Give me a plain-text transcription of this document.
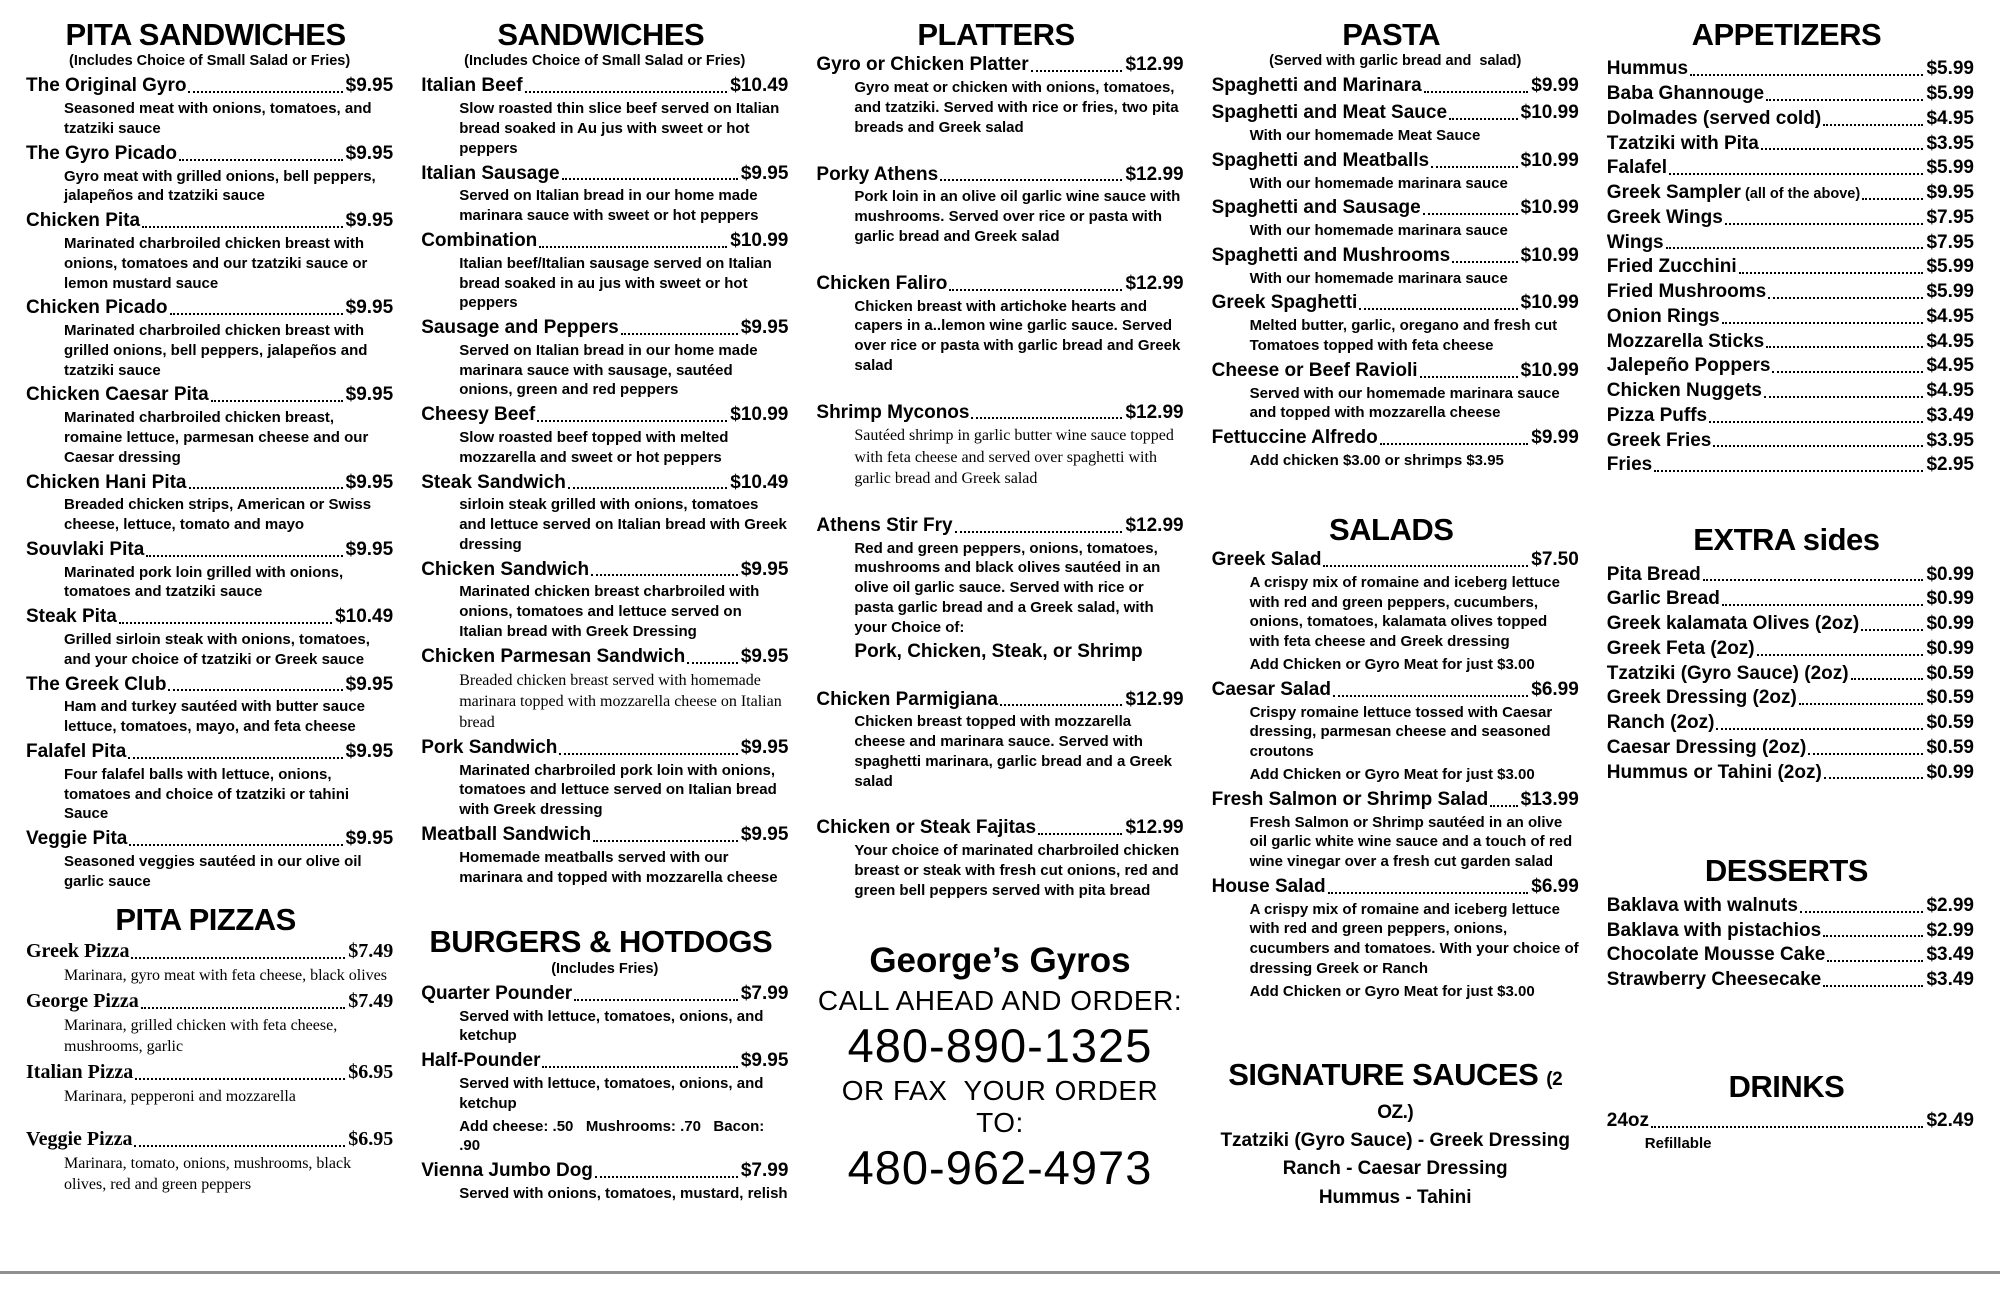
PITA SANDWICHES
(Includes Choice of Small Salad or Fries)
The Original Gyro	$9.95
Seasoned meat with onions, tomatoes, and tzatziki sauce
The Gyro Picado	$9.95
Gyro meat with grilled onions, bell peppers, jalapeños and tzatziki sauce
Chicken Pita	$9.95
Marinated charbroiled chicken breast with onions, tomatoes and our tzatziki sauce or lemon mustard sauce
Chicken Picado	$9.95
Marinated charbroiled chicken breast with grilled onions, bell peppers, jalapeños and tzatziki sauce
Chicken Caesar Pita	$9.95
Marinated charbroiled chicken breast, romaine lettuce, parmesan cheese and our Caesar dressing
Chicken Hani Pita	$9.95
Breaded chicken strips, American or Swiss cheese, lettuce, tomato and mayo
Souvlaki Pita	$9.95
Marinated pork loin grilled with onions, tomatoes and tzatziki sauce
Steak Pita	$10.49
Grilled sirloin steak with onions, tomatoes, and your choice of tzatziki or Greek sauce
The Greek Club	$9.95
Ham and turkey sautéed with butter sauce lettuce, tomatoes, mayo, and feta cheese
Falafel Pita	$9.95
Four falafel balls with lettuce, onions, tomatoes and choice of tzatziki or tahini Sauce
Veggie Pita	$9.95
Seasoned veggies sautéed in our olive oil garlic sauce
PITA PIZZAS
Greek Pizza	$7.49
Marinara, gyro meat with feta cheese, black olives
George Pizza	$7.49
Marinara, grilled chicken with feta cheese, mushrooms, garlic
Italian Pizza	$6.95
Marinara, pepperoni and mozzarella
Veggie Pizza	$6.95
Marinara, tomato, onions, mushrooms, black olives, red and green peppers
SANDWICHES
(Includes Choice of Small Salad or Fries)
Italian Beef	$10.49
Slow roasted thin slice beef served on Italian bread soaked in Au jus with sweet or hot peppers
Italian Sausage	$9.95
Served on Italian bread in our home made marinara sauce with sweet or hot peppers
Combination	$10.99
Italian beef/Italian sausage served on Italian bread soaked in au jus with sweet or hot peppers
Sausage and Peppers	$9.95
Served on Italian bread in our home made marinara sauce with sausage, sautéed onions, green and red peppers
Cheesy Beef	$10.99
Slow roasted beef topped with melted mozzarella and sweet or hot peppers
Steak Sandwich	$10.49
sirloin steak grilled with onions, tomatoes and lettuce served on Italian bread with Greek dressing
Chicken Sandwich	$9.95
Marinated chicken breast charbroiled with onions, tomatoes and lettuce served on Italian bread with Greek Dressing
Chicken Parmesan Sandwich	$9.95
Breaded chicken breast served with homemade marinara topped with mozzarella cheese on Italian bread
Pork Sandwich	$9.95
Marinated charbroiled pork loin with onions, tomatoes and lettuce served on Italian bread with Greek dressing
Meatball Sandwich	$9.95
Homemade meatballs served with our marinara and topped with mozzarella cheese
BURGERS & HOTDOGS
(Includes Fries)
Quarter Pounder	$7.99
Served with lettuce, tomatoes, onions, and ketchup
Half-Pounder	$9.95
Served with lettuce, tomatoes, onions, and ketchup
Add cheese: .50   Mushrooms: .70   Bacon: .90
Vienna Jumbo Dog	$7.99
Served with onions, tomatoes, mustard, relish
PLATTERS
Gyro or Chicken Platter	$12.99
Gyro meat or chicken with onions, tomatoes, and tzatziki. Served with rice or fries, two pita breads and Greek salad
Porky Athens	$12.99
Pork loin in an olive oil garlic wine sauce with mushrooms. Served over rice or pasta with garlic bread and Greek salad
Chicken Faliro	$12.99
Chicken breast with artichoke hearts and capers in a..lemon wine garlic sauce. Served over rice or pasta with garlic bread and Greek salad
Shrimp Myconos	$12.99
Sautéed shrimp in garlic butter wine sauce topped with feta cheese and served over spaghetti with garlic bread and Greek salad
Athens Stir Fry	$12.99
Red and green peppers, onions, tomatoes, mushrooms and black olives sautéed in an olive oil garlic sauce. Served with rice or pasta garlic bread and a Greek salad, with your Choice of:
Pork, Chicken, Steak, or Shrimp
Chicken Parmigiana	$12.99
Chicken breast topped with mozzarella cheese and marinara sauce. Served with spaghetti marinara, garlic bread and a Greek salad
Chicken or Steak Fajitas	$12.99
Your choice of marinated charbroiled chicken breast or steak with fresh cut onions, red and green bell peppers served with pita bread
George’s Gyros
CALL AHEAD AND ORDER:
480-890-1325
OR FAX  YOUR ORDER TO:
480-962-4973
PASTA
(Served with garlic bread and  salad)
Spaghetti and Marinara	$9.99
Spaghetti and Meat Sauce	$10.99
With our homemade Meat Sauce
Spaghetti and Meatballs	$10.99
With our homemade marinara sauce
Spaghetti and Sausage	$10.99
With our homemade marinara sauce
Spaghetti and Mushrooms	$10.99
With our homemade marinara sauce
Greek Spaghetti	$10.99
Melted butter, garlic, oregano and fresh cut Tomatoes topped with feta cheese
Cheese or Beef Ravioli	$10.99
Served with our homemade marinara sauce and topped with mozzarella cheese
Fettuccine Alfredo	$9.99
Add chicken $3.00 or shrimps $3.95
SALADS
Greek Salad	$7.50
A crispy mix of romaine and iceberg lettuce with red and green peppers, cucumbers, onions, tomatoes, kalamata olives topped with feta cheese and Greek dressing
Add Chicken or Gyro Meat for just $3.00
Caesar Salad	$6.99
Crispy romaine lettuce tossed with Caesar dressing, parmesan cheese and seasoned croutons
Add Chicken or Gyro Meat for just $3.00
Fresh Salmon or Shrimp Salad $13.99
Fresh Salmon or Shrimp sautéed in an olive oil garlic white wine sauce and a touch of red wine vinegar over a fresh cut garden salad
House Salad	$6.99
A crispy mix of romaine and iceberg lettuce with red and green peppers, onions, cucumbers and tomatoes. With your choice of dressing Greek or Ranch
Add Chicken or Gyro Meat for just $3.00
SIGNATURE SAUCES (2 OZ.)
Tzatziki (Gyro Sauce) - Greek Dressing
Ranch - Caesar Dressing
Hummus - Tahini
APPETIZERS
Hummus	$5.99
Baba Ghannouge	$5.99
Dolmades (served cold)	$4.95
Tzatziki with Pita	$3.95
Falafel	$5.99
Greek Sampler (all of the above)	$9.95
Greek Wings	$7.95
Wings	$7.95
Fried Zucchini	$5.99
Fried Mushrooms	$5.99
Onion Rings	$4.95
Mozzarella Sticks	$4.95
Jalepeño Poppers	$4.95
Chicken Nuggets	$4.95
Pizza Puffs	$3.49
Greek Fries	$3.95
Fries	$2.95
EXTRA sides
Pita Bread	$0.99
Garlic Bread	$0.99
Greek kalamata Olives (2oz)	$0.99
Greek Feta (2oz)	$0.99
Tzatziki (Gyro Sauce) (2oz)	$0.59
Greek Dressing (2oz)	$0.59
Ranch (2oz)	$0.59
Caesar Dressing (2oz)	$0.59
Hummus or Tahini (2oz)	$0.99
DESSERTS
Baklava with walnuts	$2.99
Baklava with pistachios	$2.99
Chocolate Mousse Cake	$3.49
Strawberry Cheesecake	$3.49
DRINKS
24oz	$2.49
Refillable
